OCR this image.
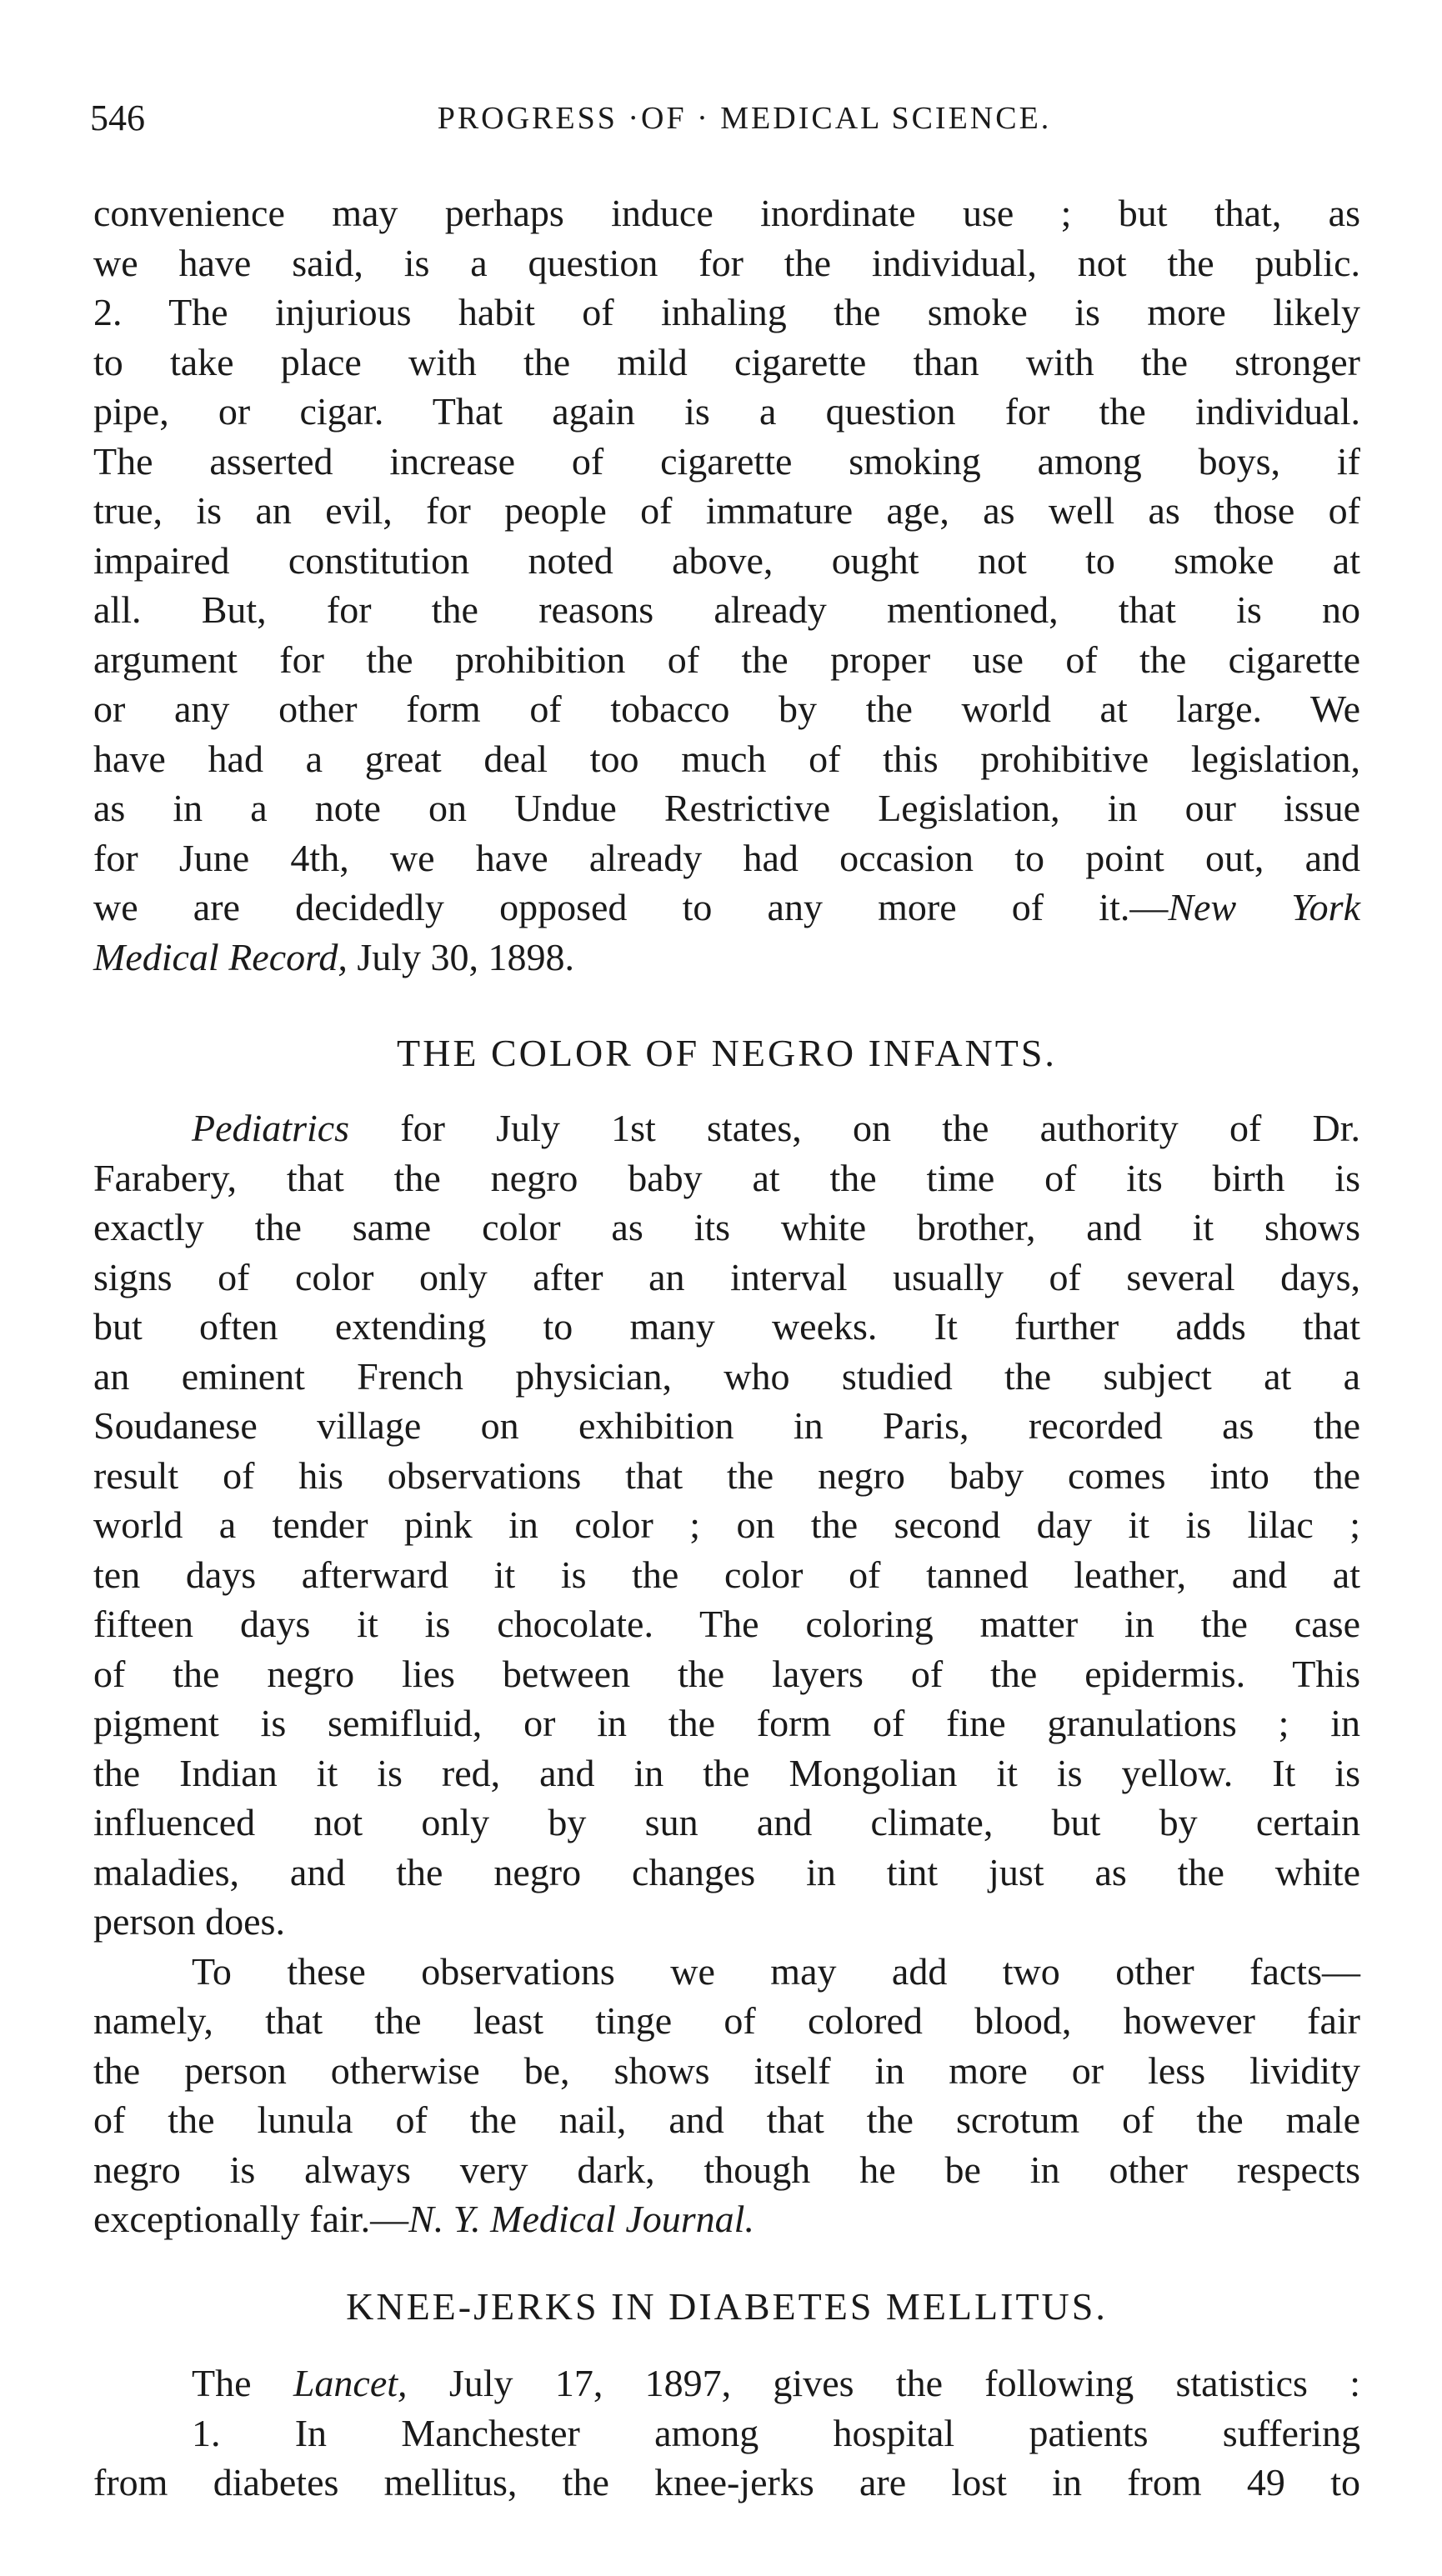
546	PROGRESS ·OF · MEDICAL SCIENCE.
convenience may perhaps induce inordinate use ; but that, as
we have said, is a question for the individual, not the public.
2. The injurious habit of inhaling the smoke is more likely
to take place with the mild cigarette than with the stronger
pipe, or cigar. That again is a question for the individual.
The asserted increase of cigarette smoking among boys, if
true, is an evil, for people of immature age, as well as those of
impaired constitution noted above, ought not to smoke at
all. But, for the reasons already mentioned, that is no
argument for the prohibition of the proper use of the cigarette
or any other form of tobacco by the world at large. We
have had a great deal too much of this prohibitive legislation,
as in a note on Undue Restrictive Legislation, in our issue
for June 4th, we have already had occasion to point out, and
we are decidedly opposed to any more of it.—New York
Medical Record, July 30, 1898.
THE COLOR OF NEGRO INFANTS.
Pediatrics for July 1st states, on the authority of Dr.
Farabery, that the negro baby at the time of its birth is
exactly the same color as its white brother, and it shows
signs of color only after an interval usually of several days,
but often extending to many weeks. It further adds that
an eminent French physician, who studied the subject at a
Soudanese village on exhibition in Paris, recorded as the
result of his observations that the negro baby comes into the
world a tender pink in color ; on the second day it is lilac ;
ten days afterward it is the color of tanned leather, and at
fifteen days it is chocolate. The coloring matter in the case
of the negro lies between the layers of the epidermis. This
pigment is semifluid, or in the form of fine granulations ; in
the Indian it is red, and in the Mongolian it is yellow. It is
influenced not only by sun and climate, but by certain
maladies, and the negro changes in tint just as the white
person does.
To these observations we may add two other facts—
namely, that the least tinge of colored blood, however fair
the person otherwise be, shows itself in more or less lividity
of the lunula of the nail, and that the scrotum of the male
negro is always very dark, though he be in other respects
exceptionally fair.—N. Y. Medical Journal.
KNEE-JERKS IN DIABETES MELLITUS.
The Lancet, July 17, 1897, gives the following statistics :
1. In Manchester among hospital patients suffering
from diabetes mellitus, the knee-jerks are lost in from 49 to
